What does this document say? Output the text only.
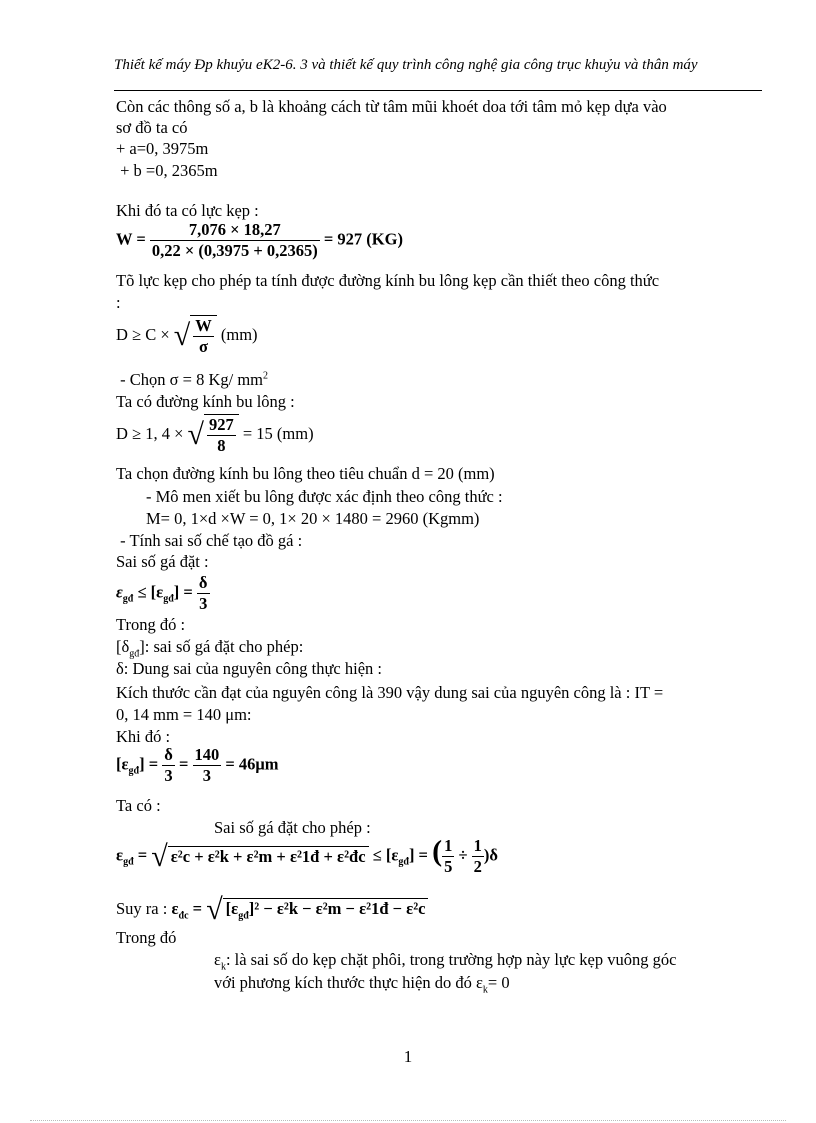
Thiết kế máy Đp khuỷu eK2-6. 3 và thiết kế quy trình công nghệ gia công trục khuỷu và thân máy
Còn các thông số a, b là khoảng cách từ tâm mũi khoét doa tới tâm mỏ kẹp dựa vào
sơ đồ ta có
+ a=0, 3975m
+ b =0, 2365m
Khi đó ta có lực kẹp :
$W = \frac{7,076 \times 18,27}{0,22 \times (0,3975 + 0,2365)} = 927$ (KG)
Tõ lực kẹp cho phép ta tính được đường kính bu lông kẹp cần thiết theo công thức
:
D ≥ C × √ $\frac{W}{\sigma} (mm)$
- Chọn σ = 8 Kg/ $mm^2$
Ta có đường kính bu lông :
D ≥ 1, 4 × √ $\frac{927}{8} = 15$ (mm)
Ta chọn đường kính bu lông theo tiêu chuẩn d = 20 (mm)
- Mô men xiết bu lông được xác định theo công thức :
M= 0, 1×d ×W = 0, 1× 20 × 1480 = 2960 (Kgmm)
- Tính sai số chế tạo đồ gá :
Sai số gá đặt :
$\varepsilon_{gđ} \le [\varepsilon_{gđ}] = \frac{\delta}{3}$
Trong đó :
$[\delta_{gđ}]$: sai số gá đặt cho phép:
δ: Dung sai của nguyên công thực hiện :
Kích thước cần đạt của nguyên công là 390 vậy dung sai của nguyên công là : IT =
0, 14 mm = 140 μm:
Khi đó :
$[\varepsilon_{gđ}] = \frac{\delta}{3} = \frac{140}{3} = 46\mu m$
Ta có :
Sai số gá đặt cho phép :
$\varepsilon_{gđ}$ = √ ε²c + ε²k + ε²m + ε²1đ + ε²đc ≤ $[\varepsilon_{gđ}]$ = ( $\frac{1}{5} \div \frac{1}{2} )\delta$
Suy ra : $\varepsilon_{đc}$ = √ $[\varepsilon_{gđ}]^2 - \varepsilon^2k - \varepsilon^2m$ − ε²1đ − ε²c
Trong đó
$\varepsilon_k$: là sai số do kẹp chặt phôi, trong trường hợp này lực kẹp vuông góc
với phương kích thước thực hiện do đó $\varepsilon_k= 0$
1
